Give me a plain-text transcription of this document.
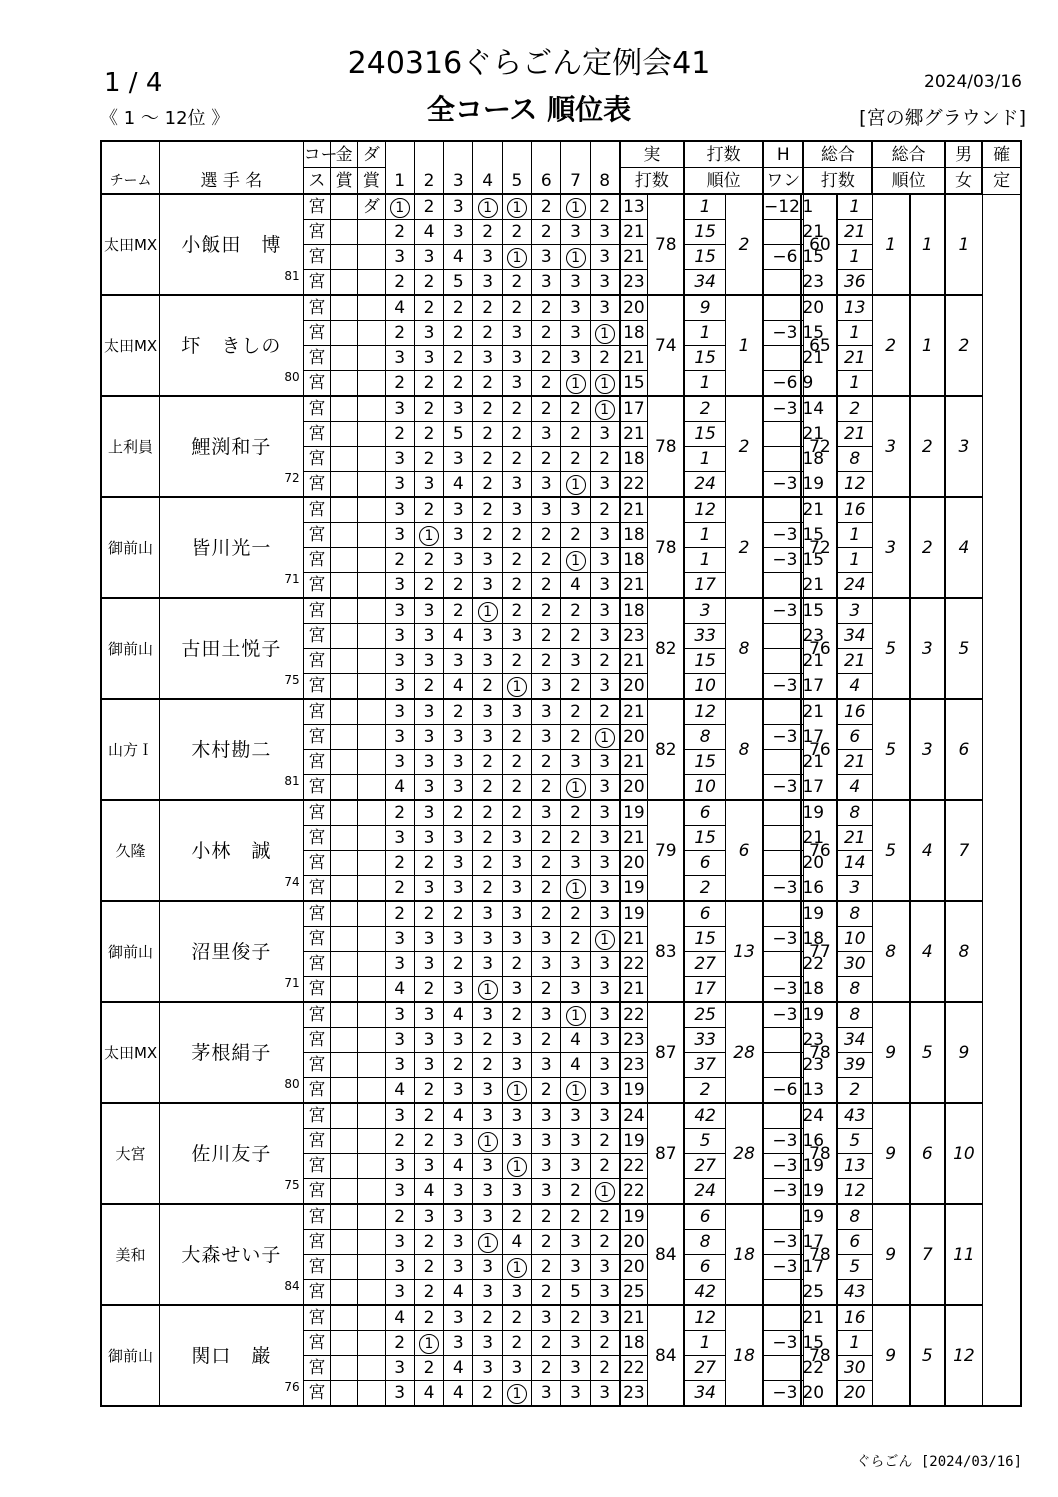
240316ぐらごん定例会41
1 / 4
《 1 ～ 12位 》	全コース 順位表
2024/03/16
[宮の郷グラウンド]
チーム	選 手 名	コー	金	ダ	1	2	3	4	5	6	7	8	実		打数		H		総合		総合		男	確
		ス	賞	賞									打数		順位		ワン		打数		順位		女	定
太田MX	小飯田　博
81	宮		ダ	1	2	3	1	1	2	1	2	13	78	1	2	−12	1	60	1	1	1	1	
		宮			2	4	3	2	2	2	3	3	21		15			21		21				
		宮			3	3	4	3	1	3	1	3	21		15		−6	15		1				
		宮			2	2	5	3	2	3	3	3	23		34			23		36				
太田MX	圷　きしの
80	宮			4	2	2	2	2	2	3	3	20	74	9	1		20	65	13	2	1	2	
		宮			2	3	2	2	3	2	3	1	18		1		−3	15		1				
		宮			3	3	2	3	3	2	3	2	21		15			21		21				
		宮			2	2	2	2	3	2	1	1	15		1		−6	9		1				
上利員	鯉渕和子
72	宮			3	2	3	2	2	2	2	1	17	78	2	2	−3	14	72	2	3	2	3	
		宮			2	2	5	2	2	3	2	3	21		15			21		21				
		宮			3	2	3	2	2	2	2	2	18		1			18		8				
		宮			3	3	4	2	3	3	1	3	22		24		−3	19		12				
御前山	皆川光一
71	宮			3	2	3	2	3	3	3	2	21	78	12	2		21	72	16	3	2	4	
		宮			3	1	3	2	2	2	2	3	18		1		−3	15		1				
		宮			2	2	3	3	2	2	1	3	18		1		−3	15		1				
		宮			3	2	2	3	2	2	4	3	21		17			21		24				
御前山	古田土悦子
75	宮			3	3	2	1	2	2	2	3	18	82	3	8	−3	15	76	3	5	3	5	
		宮			3	3	4	3	3	2	2	3	23		33			23		34				
		宮			3	3	3	3	2	2	3	2	21		15			21		21				
		宮			3	2	4	2	1	3	2	3	20		10		−3	17		4				
山方Ｉ	木村勘二
81	宮			3	3	2	3	3	3	2	2	21	82	12	8		21	76	16	5	3	6	
		宮			3	3	3	3	2	3	2	1	20		8		−3	17		6				
		宮			3	3	3	2	2	2	3	3	21		15			21		21				
		宮			4	3	3	2	2	2	1	3	20		10		−3	17		4				
久隆	小林　誠
74	宮			2	3	2	2	2	3	2	3	19	79	6	6		19	76	8	5	4	7	
		宮			3	3	3	2	3	2	2	3	21		15			21		21				
		宮			2	2	3	2	3	2	3	3	20		6			20		14				
		宮			2	3	3	2	3	2	1	3	19		2		−3	16		3				
御前山	沼里俊子
71	宮			2	2	2	3	3	2	2	3	19	83	6	13		19	77	8	8	4	8	
		宮			3	3	3	3	3	3	2	1	21		15		−3	18		10				
		宮			3	3	2	3	2	3	3	3	22		27			22		30				
		宮			4	2	3	1	3	2	3	3	21		17		−3	18		8				
太田MX	茅根絹子
80	宮			3	3	4	3	2	3	1	3	22	87	25	28	−3	19	78	8	9	5	9	
		宮			3	3	3	2	3	2	4	3	23		33			23		34				
		宮			3	3	2	2	3	3	4	3	23		37			23		39				
		宮			4	2	3	3	1	2	1	3	19		2		−6	13		2				
大宮	佐川友子
75	宮			3	2	4	3	3	3	3	3	24	87	42	28		24	78	43	9	6	10	
		宮			2	2	3	1	3	3	3	2	19		5		−3	16		5				
		宮			3	3	4	3	1	3	3	2	22		27		−3	19		13				
		宮			3	4	3	3	3	3	2	1	22		24		−3	19		12				
美和	大森せい子
84	宮			2	3	3	3	2	2	2	2	19	84	6	18		19	78	8	9	7	11	
		宮			3	2	3	1	4	2	3	2	20		8		−3	17		6				
		宮			3	2	3	3	1	2	3	3	20		6		−3	17		5				
		宮			3	2	4	3	3	2	5	3	25		42			25		43				
御前山	関口　巌
76	宮			4	2	3	2	2	3	2	3	21	84	12	18		21	78	16	9	5	12	
		宮			2	1	3	3	2	2	3	2	18		1		−3	15		1				
		宮			3	2	4	3	3	2	3	2	22		27			22		30				
		宮			3	4	4	2	1	3	3	3	23		34		−3	20		20				
ぐらごん [2024/03/16]
